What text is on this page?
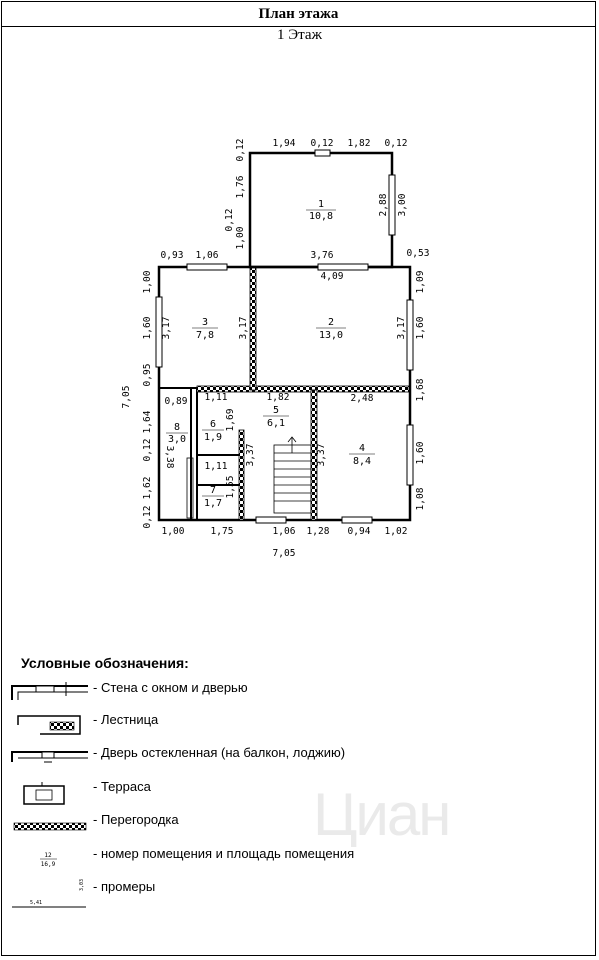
План этажа
1 Этаж
1
10,8
2
13,0
3
7,8
4
8,4
5
6,1
6
1,9
7
1,7
8
3,0
1,94 0,12 1,82 0,12
3,76	0,53
4,09
0,93 1,06
0,89 1,11	1,82	2,48
1,11
1,00	1,75	1,06 1,28 0,94 1,02
7,05
0,12
1,76
0,12
1,00
2,88 3,00
1,00
1,60
0,95
7,05
3,17	3,17	3,17
1,09
1,60
1,68
1,60
1,08
1,69
1,64
0,12 3,38
1,62
0,12
1,55
3,37	3,37
12
16,9
5,41
3,03
Циан
Условные обозначения:
- Стена с окном и дверью
- Лестница
- Дверь остекленная (на балкон, лоджию)
- Терраса
- Перегородка
- номер помещения и площадь помещения
- промеры
